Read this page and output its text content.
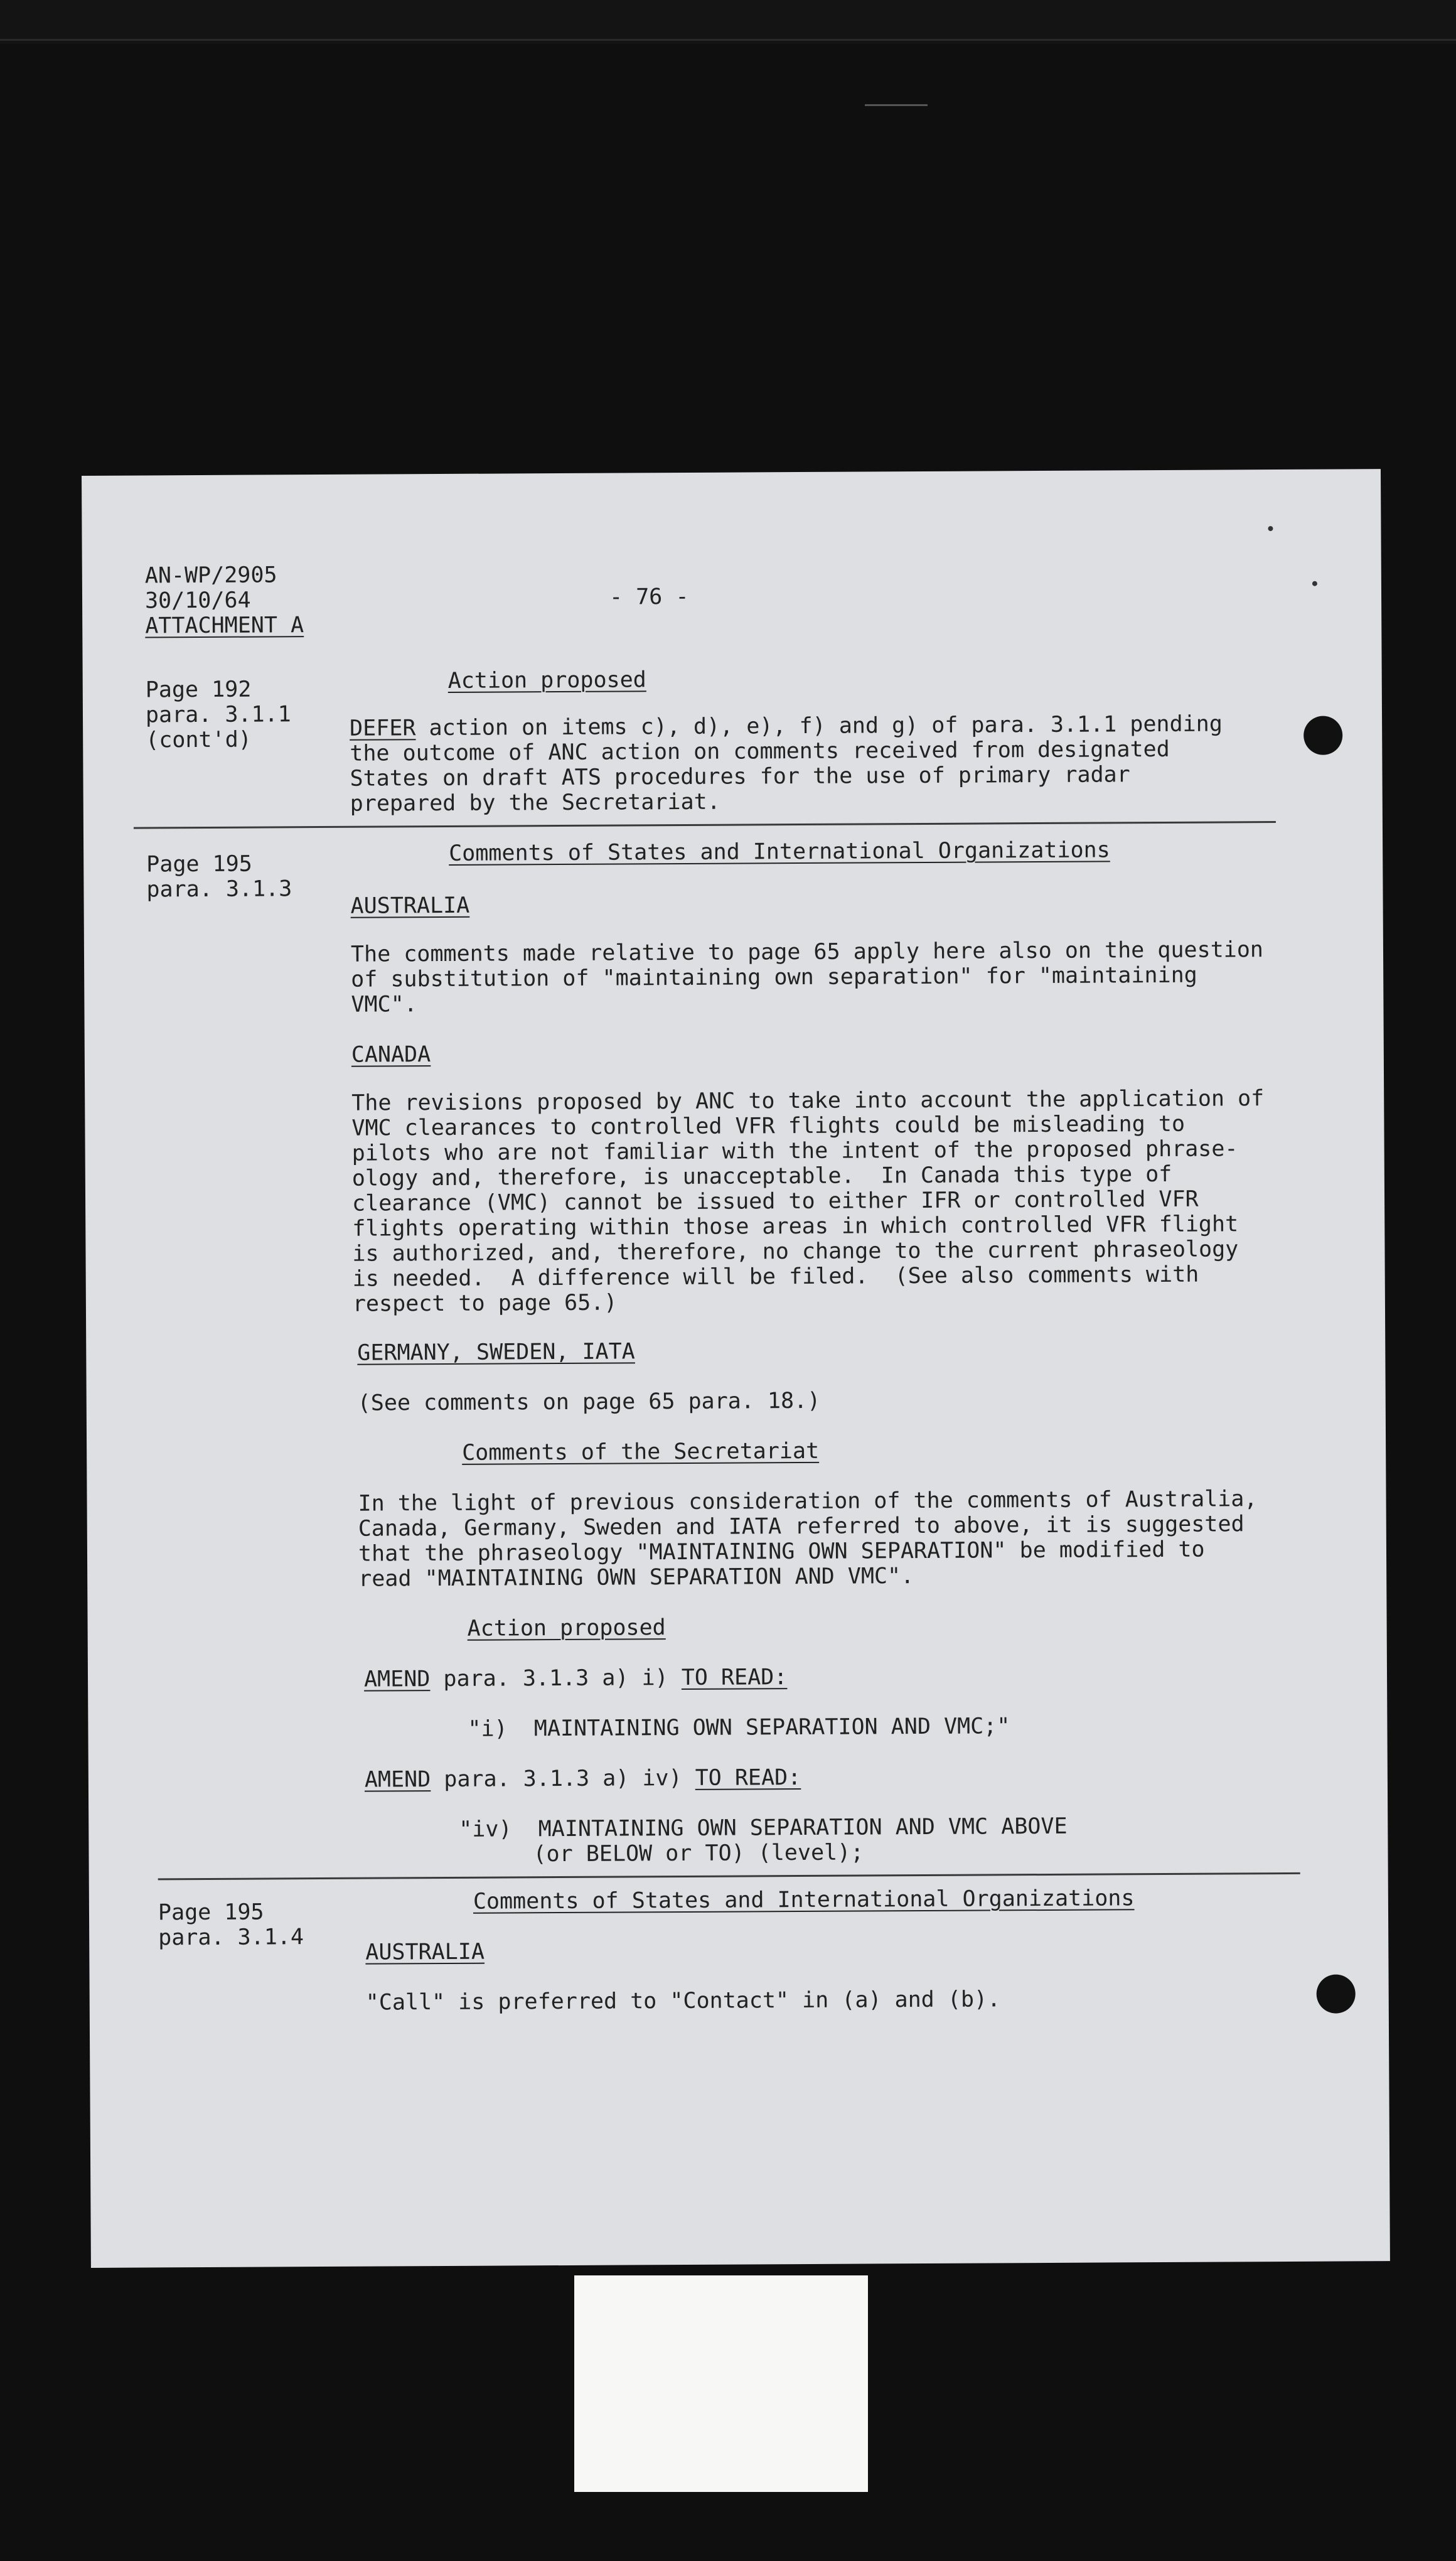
AN-WP/2905
30/10/64
ATTACHMENT A
- 76 -
Page 192
para. 3.1.1
(cont'd)
Action proposed
DEFER action on items c), d), e), f) and g) of para. 3.1.1 pending
the outcome of ANC action on comments received from designated
States on draft ATS procedures for the use of primary radar
prepared by the Secretariat.
Page 195
para. 3.1.3
Comments of States and International Organizations
AUSTRALIA
The comments made relative to page 65 apply here also on the question
of substitution of "maintaining own separation" for "maintaining
VMC".
CANADA
The revisions proposed by ANC to take into account the application of
VMC clearances to controlled VFR flights could be misleading to
pilots who are not familiar with the intent of the proposed phrase-
ology and, therefore, is unacceptable.  In Canada this type of
clearance (VMC) cannot be issued to either IFR or controlled VFR
flights operating within those areas in which controlled VFR flight
is authorized, and, therefore, no change to the current phraseology
is needed.  A difference will be filed.  (See also comments with
respect to page 65.)
GERMANY, SWEDEN, IATA
(See comments on page 65 para. 18.)
Comments of the Secretariat
In the light of previous consideration of the comments of Australia,
Canada, Germany, Sweden and IATA referred to above, it is suggested
that the phraseology "MAINTAINING OWN SEPARATION" be modified to
read "MAINTAINING OWN SEPARATION AND VMC".
Action proposed
AMEND para. 3.1.3 a) i) TO READ:
"i)  MAINTAINING OWN SEPARATION AND VMC;"
AMEND para. 3.1.3 a) iv) TO READ:
"iv)  MAINTAINING OWN SEPARATION AND VMC ABOVE
(or BELOW or TO) (level);
Page 195
para. 3.1.4
Comments of States and International Organizations
AUSTRALIA
"Call" is preferred to "Contact" in (a) and (b).
